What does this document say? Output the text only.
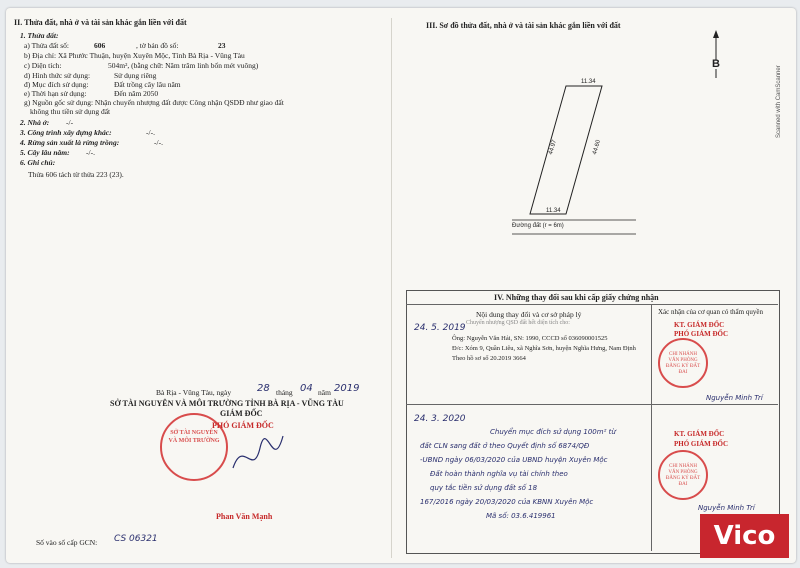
II. Thửa đất, nhà ở và tài sản khác gắn liền với đất
1. Thửa đất:
a) Thửa đất số:	606	, tờ bản đồ số:	23
b) Địa chỉ: Xã Phước Thuận, huyện Xuyên Mộc, Tỉnh Bà Rịa - Vũng Tàu
c) Diện tích:	504m², (bằng chữ: Năm trăm linh bốn mét vuông)
d) Hình thức sử dụng:	Sử dụng riêng
đ) Mục đích sử dụng:	Đất trồng cây lâu năm
e) Thời hạn sử dụng:	Đến năm 2050
g) Nguồn gốc sử dụng: Nhận chuyển nhượng đất được Công nhận QSDĐ như giao đất
không thu tiền sử dụng đất
2. Nhà ở: -/-
3. Công trình xây dựng khác:	-/-.
4. Rừng sản xuất là rừng trồng:	-/-.
5. Cây lâu năm: -/-.
6. Ghi chú:
Thửa 606 tách từ thửa 223 (23).
Bà Rịa - Vũng Tàu, ngày	28 tháng 04 năm 2019
SỞ TÀI NGUYÊN VÀ MÔI TRƯỜNG TỈNH BÀ RỊA - VŨNG TÀU
GIÁM ĐỐC
PHÓ GIÁM ĐỐC
SỞ TÀI NGUYÊN VÀ MÔI TRƯỜNG
Phan Văn Mạnh
Số vào sổ cấp GCN: CS 06321
III. Sơ đồ thửa đất, nhà ở và tài sản khác gắn liền với đất
B
11.34
44.97	44.60
11.34
Đường đất (r = 6m)
Scanned with CamScanner
IV. Những thay đổi sau khi cấp giấy chứng nhận
Nội dung thay đổi và cơ sở pháp lý	Xác nhận của cơ quan có thẩm quyền
Chuyển nhượng QSD đất hết diện tích cho:
24. 5. 2019
Ông: Nguyễn Văn Hải, SN: 1990, CCCD số 036090001525
Đ/c: Xóm 9, Quần Liêu, xã Nghĩa Sơn, huyện Nghĩa Hưng, Nam Định
Theo hồ sơ số 20.2019 3664
KT. GIÁM ĐỐC
PHÓ GIÁM ĐỐC
CHI NHÁNH VĂN PHÒNG ĐĂNG KÝ ĐẤT ĐAI
Nguyễn Minh Trí
24. 3. 2020
Chuyển mục đích sử dụng 100m² từ
đất CLN sang đất ở theo Quyết định số 6874/QĐ
-UBND ngày 06/03/2020 của UBND huyện Xuyên Mộc
Đất hoàn thành nghĩa vụ tài chính theo
quy tắc tiền sử dụng đất số 18
167/2016 ngày 20/03/2020 của KBNN Xuyên Mộc
Mã số: 03.6.419961
KT. GIÁM ĐỐC
PHÓ GIÁM ĐỐC
CHI NHÁNH VĂN PHÒNG ĐĂNG KÝ ĐẤT ĐAI
Nguyễn Minh Trí
Vico
